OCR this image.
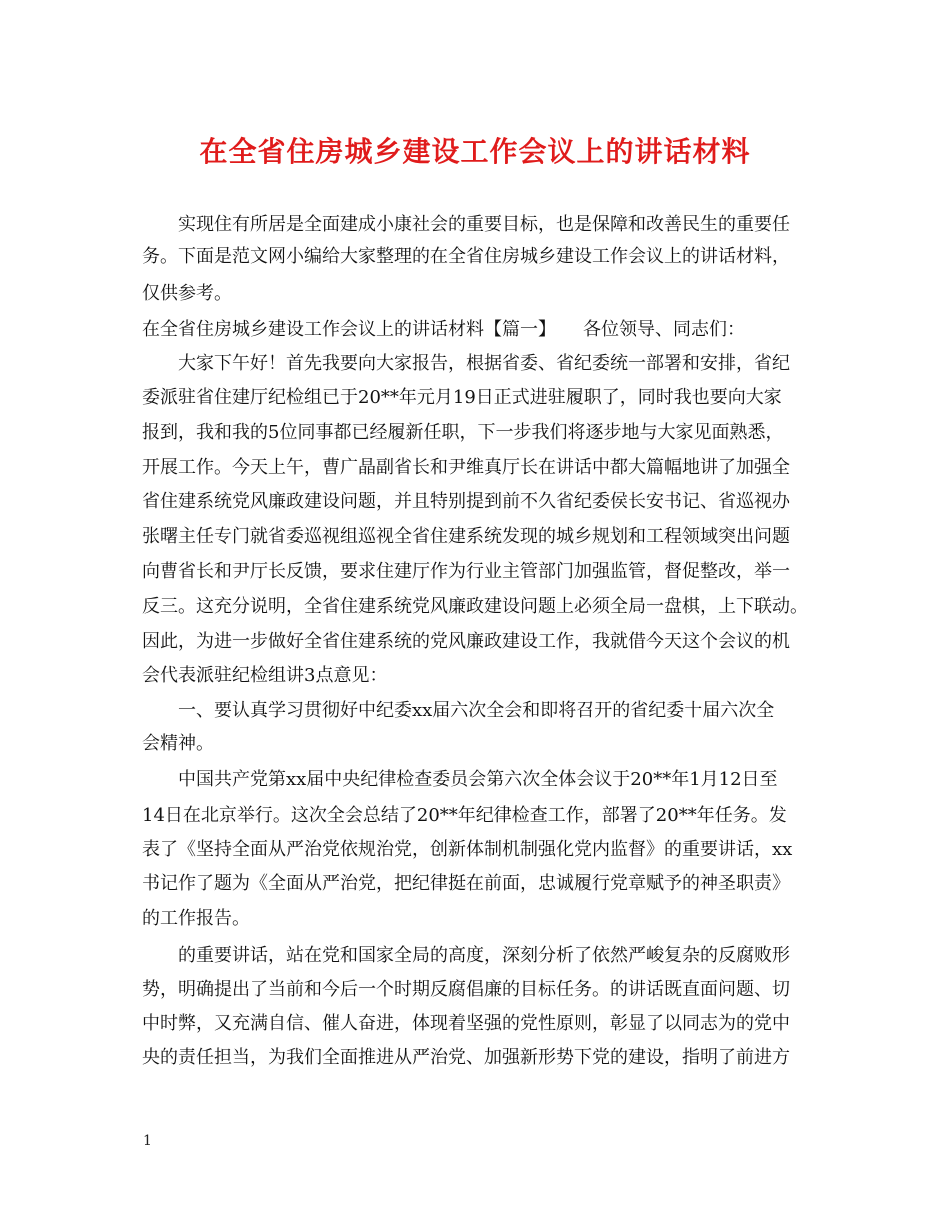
在全省住房城乡建设工作会议上的讲话材料
　　实现住有所居是全面建成小康社会的重要目标，也是保障和改善民生的重要任
务。下面是范文网小编给大家整理的在全省住房城乡建设工作会议上的讲话材料，
仅供参考。
在全省住房城乡建设工作会议上的讲话材料【篇一】　　各位领导、同志们：
　　大家下午好！首先我要向大家报告，根据省委、省纪委统一部署和安排，省纪
委派驻省住建厅纪检组已于20**年元月19日正式进驻履职了，同时我也要向大家
报到，我和我的5位同事都已经履新任职，下一步我们将逐步地与大家见面熟悉，
开展工作。今天上午，曹广晶副省长和尹维真厅长在讲话中都大篇幅地讲了加强全
省住建系统党风廉政建设问题，并且特别提到前不久省纪委侯长安书记、省巡视办
张曙主任专门就省委巡视组巡视全省住建系统发现的城乡规划和工程领域突出问题
向曹省长和尹厅长反馈，要求住建厅作为行业主管部门加强监管，督促整改，举一
反三。这充分说明，全省住建系统党风廉政建设问题上必须全局一盘棋，上下联动。
因此，为进一步做好全省住建系统的党风廉政建设工作，我就借今天这个会议的机
会代表派驻纪检组讲3点意见：
　　一、要认真学习贯彻好中纪委xx届六次全会和即将召开的省纪委十届六次全
会精神。
　　中国共产党第xx届中央纪律检查委员会第六次全体会议于20**年1月12日至
14日在北京举行。这次全会总结了20**年纪律检查工作，部署了20**年任务。发
表了《坚持全面从严治党依规治党，创新体制机制强化党内监督》的重要讲话，xx
书记作了题为《全面从严治党，把纪律挺在前面，忠诚履行党章赋予的神圣职责》
的工作报告。
　　的重要讲话，站在党和国家全局的高度，深刻分析了依然严峻复杂的反腐败形
势，明确提出了当前和今后一个时期反腐倡廉的目标任务。的讲话既直面问题、切
中时弊，又充满自信、催人奋进，体现着坚强的党性原则，彰显了以同志为的党中
央的责任担当，为我们全面推进从严治党、加强新形势下党的建设，指明了前进方
1
